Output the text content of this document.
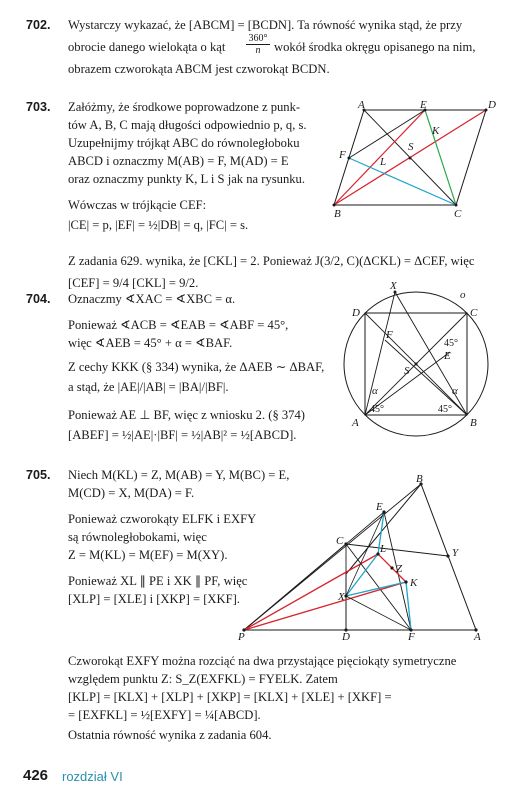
702. Wystarczy wykazać, że [ABCM] = [BCDN]. Ta równość wynika stąd, że przy
obrocie danego wielokąta o kąt $\frac{360^\circ}{n}$ wokół środka okręgu opisanego na nim,
obrazem czworokąta ABCM jest czworokąt BCDN.
703. Załóżmy, że środkowe poprowadzone z punk-
tów A, B, C mają długości odpowiednio p, q, s.
Uzupełnijmy trójkąt ABC do równoległoboku
ABCD i oznaczmy M(AB) = F, M(AD) = E
oraz oznaczmy punkty K, L i S jak na rysunku.
Wówczas w trójkącie CEF:
|CE| = p, |EF| = ½|DB| = q, |FC| = s.
Z zadania 629. wynika, że [CKL] = 2. Ponieważ J(3/2, C)(ΔCKL) = ΔCEF, więc
[CEF] = 9/4 [CKL] = 9/2.
A	E	D
K
S
F
L
B	C
704. Oznaczmy ∢XAC = ∢XBC = α.
Ponieważ ∢ACB = ∢EAB = ∢ABF = 45°,
więc ∢AEB = 45° + α = ∢BAF.
Z cechy KKK (§ 334) wynika, że ΔAEB ∼ ΔBAF,
a stąd, że |AE|/|AB| = |BA|/|BF|.
Ponieważ AE ⊥ BF, więc z wniosku 2. (§ 374)
[ABEF] = ½|AE|·|BF| = ½|AB|² = ½[ABCD].
X
o
D	C
F
E
S
45°
45°	45°
α	α
A	B
705. Niech M(KL) = Z, M(AB) = Y, M(BC) = E,
M(CD) = X, M(DA) = F.
Ponieważ czworokąty ELFK i EXFY
są równoległobokami, więc
Z = M(KL) = M(EF) = M(XY).
Ponieważ XL ∥ PE i XK ∥ PF, więc
[XLP] = [XLE] i [XKP] = [XKF].
B
E
C
L	Y
Z
K
X
P	D	F	A
Czworokąt EXFY można rozciąć na dwa przystające pięciokąty symetryczne
względem punktu Z: S_Z(EXFKL) = FYELK. Zatem
[KLP] = [KLX] + [XLP] + [XKP] = [KLX] + [XLE] + [XKF] =
= [EXFKL] = ½[EXFY] = ¼[ABCD].
Ostatnia równość wynika z zadania 604.
426 rozdział VI
